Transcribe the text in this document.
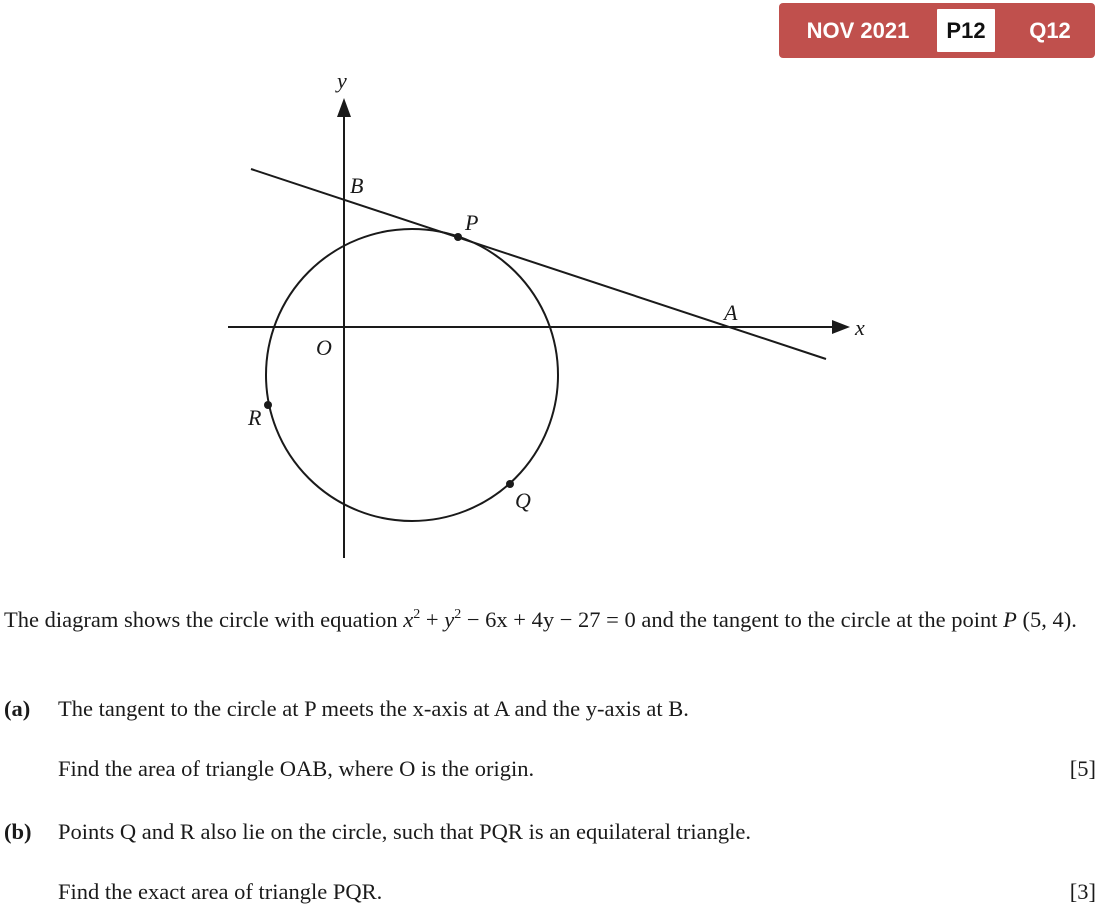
NOV 2021	P12	Q12
y
x
O
B
P
A
R
Q
The diagram shows the circle with equation $x^2 + y^2 - 6x + 4y - 27 = 0$ and the tangent to the circle at the point P (5, 4).
(a) The tangent to the circle at P meets the x-axis at A and the y-axis at B.
Find the area of triangle OAB, where O is the origin.	[5]
(b) Points Q and R also lie on the circle, such that PQR is an equilateral triangle.
Find the exact area of triangle PQR.	[3]
